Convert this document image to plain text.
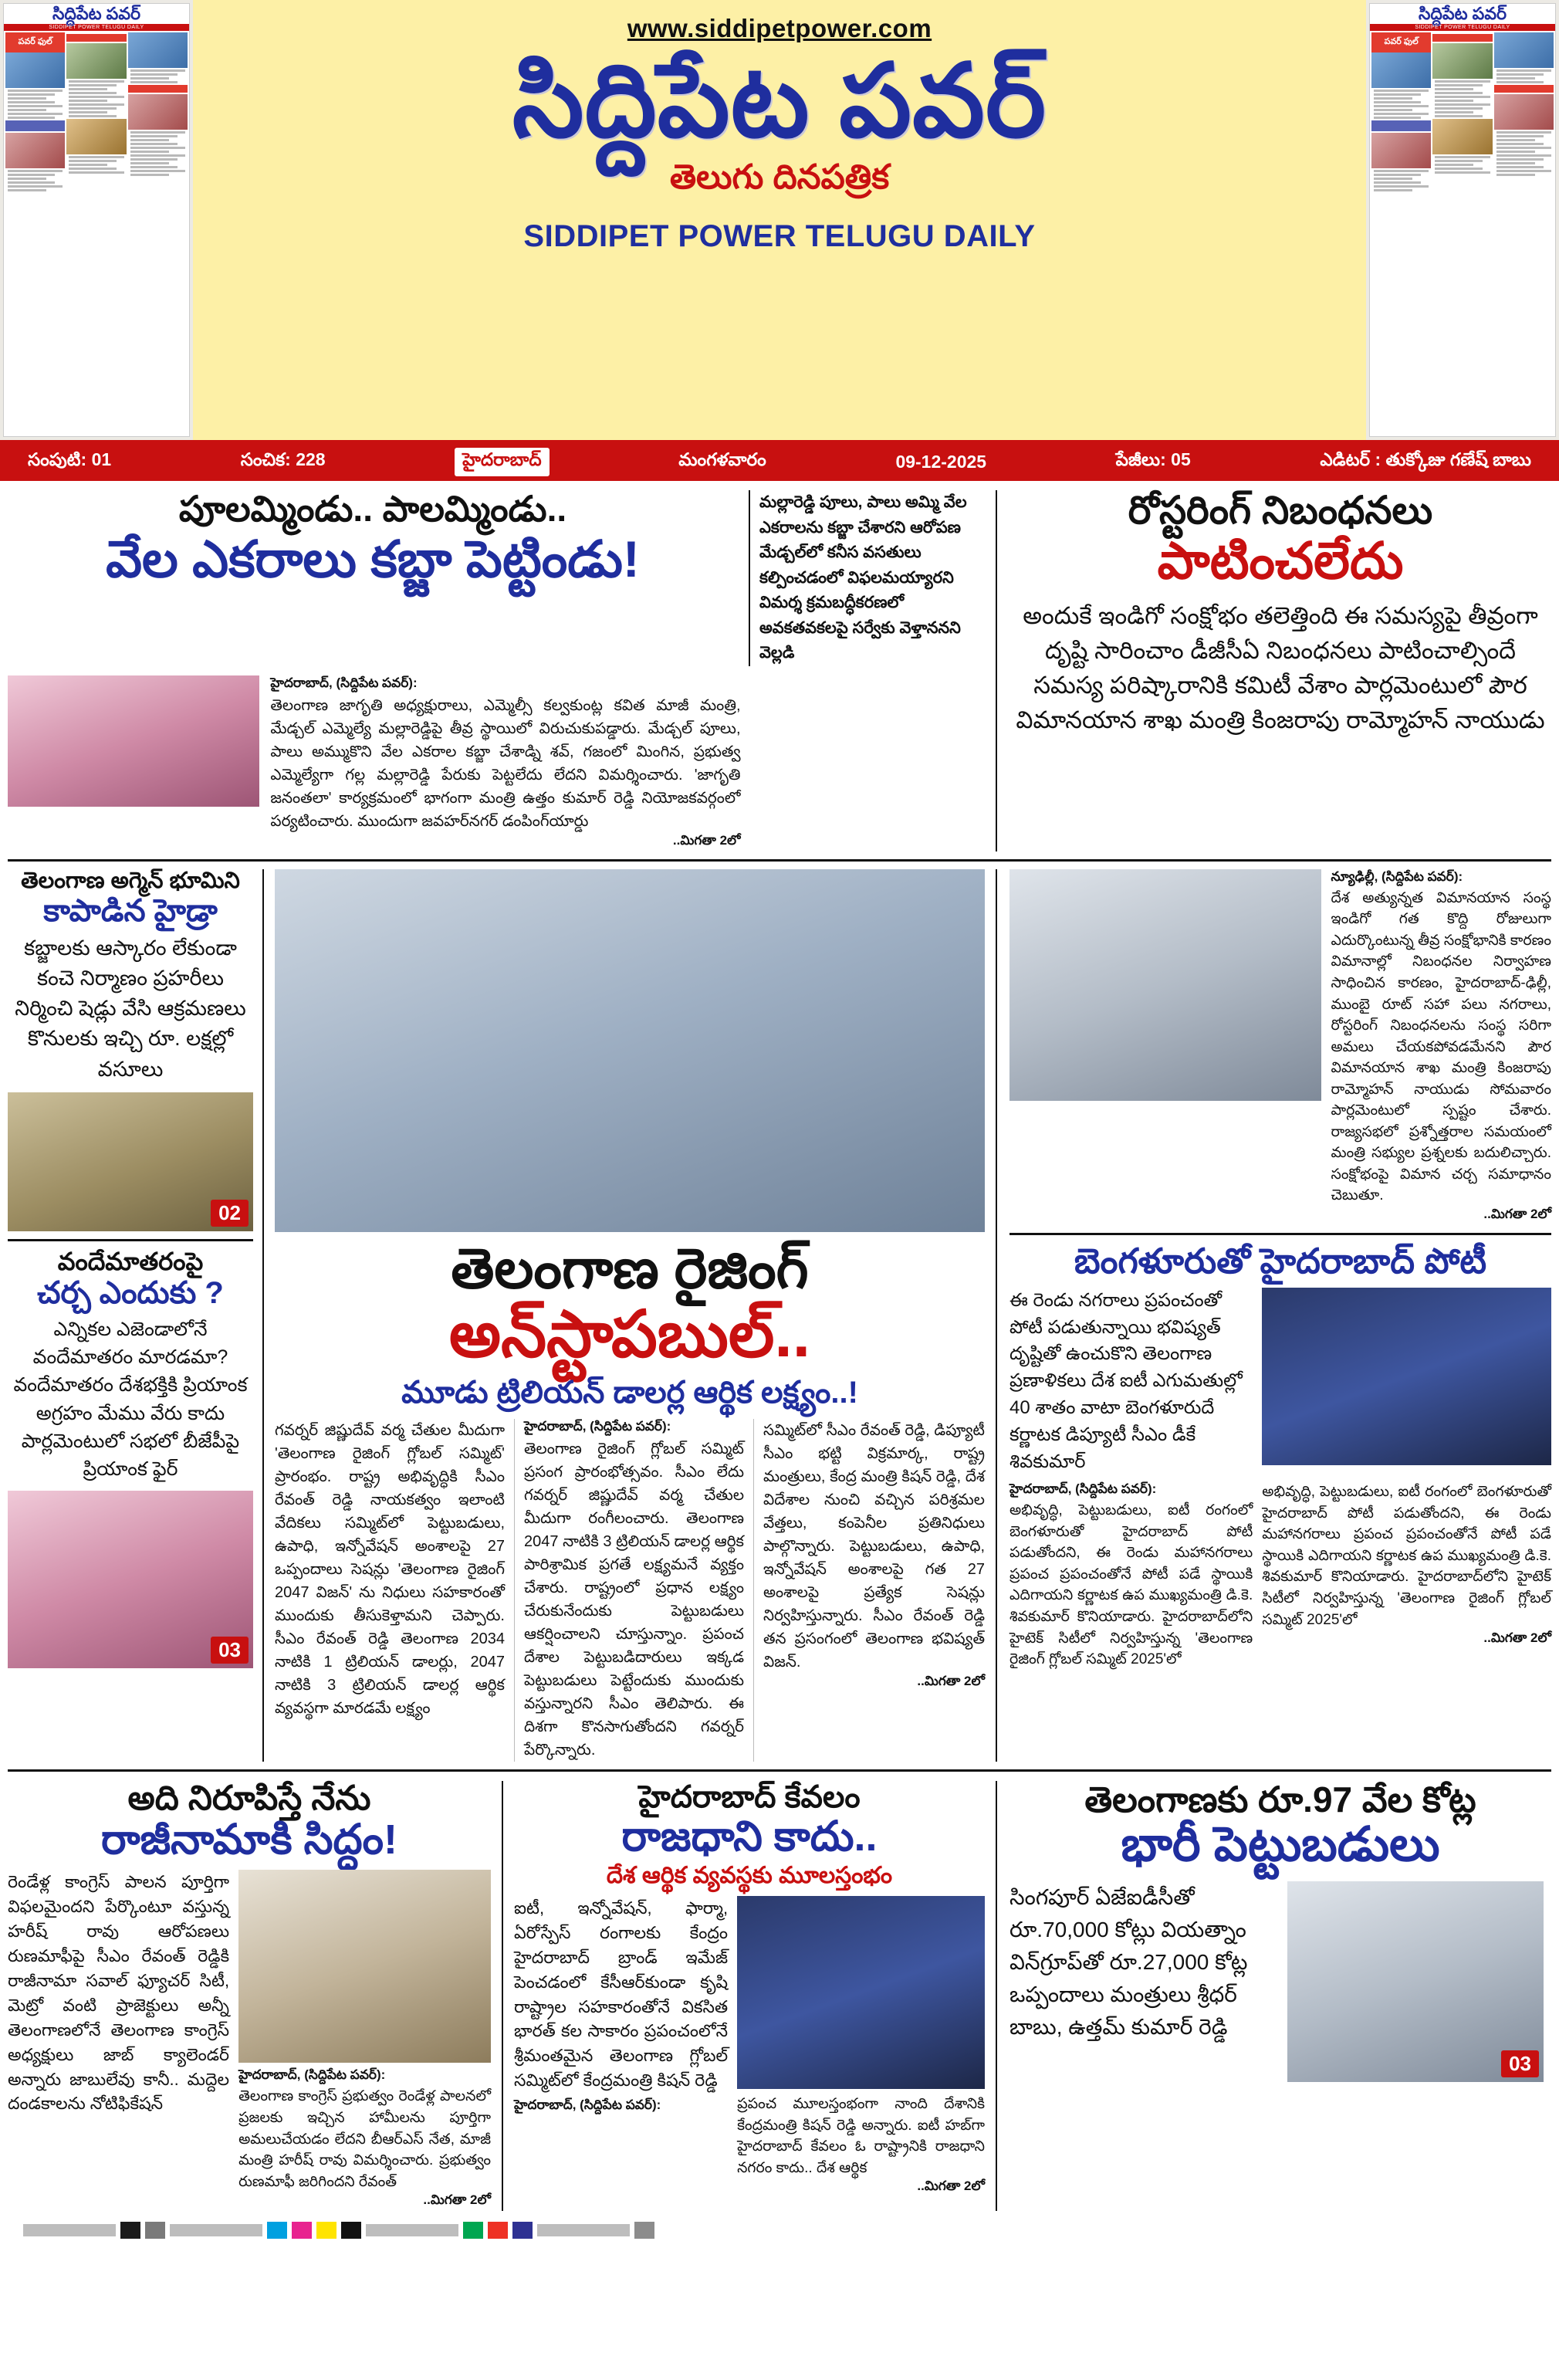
సిద్దిపేట పవర్
SIDDIPET POWER TELUGU DAILY
పవర్ ఫుల్	www.siddipetpower.com
సిద్దిపేట పవర్
తెలుగు దినపత్రిక
SIDDIPET POWER TELUGU DAILY
సిద్దిపేట పవర్
SIDDIPET POWER TELUGU DAILY
పవర్ ఫుల్
సంపుటి: 01	సంచిక: 228	హైదరాబాద్	మంగళవారం	09-12-2025	పేజీలు: 05	ఎడిటర్ : తుక్కోజు గణేష్ బాబు
పూలమ్మిండు.. పాలమ్మిండు..
వేల ఎకరాలు కబ్జా పెట్టిండు!
మల్లారెడ్డి పూలు, పాలు అమ్మి వేల ఎకరాలను కబ్జా చేశారని ఆరోపణ మేడ్చల్‌లో కనీస వసతులు కల్పించడంలో విఫలమయ్యారని విమర్శ క్రమబద్ధీకరణలో అవకతవకలపై సర్వేకు వెళ్తాననని వెల్లడి
హైదరాబాద్, (సిద్దిపేట పవర్):
తెలంగాణ జాగృతి అధ్యక్షురాలు, ఎమ్మెల్సీ కల్వకుంట్ల కవిత మాజీ మంత్రి, మేడ్చల్ ఎమ్మెల్యే మల్లారెడ్డిపై తీవ్ర స్థాయిలో విరుచుకుపడ్డారు. మేడ్చల్ పూలు, పాలు అమ్ముకొని వేల ఎకరాల కబ్జా చేశాడ్ని శవ్, గజంలో మింగిన, ప్రభుత్వ ఎమ్మెల్యేగా గల్ల మల్లారెడ్డి పేరుకు పెట్టలేదు లేదని విమర్శించారు. 'జాగృతి జనంతలా' కార్యక్రమంలో భాగంగా మంత్రి ఉత్తం కుమార్ రెడ్డి నియోజకవర్గంలో పర్యటించారు. ముందుగా జవహర్‌నగర్ డంపింగ్‌యార్డు
..మిగతా 2లో
రోస్టరింగ్ నిబంధనలు
పాటించలేదు
అందుకే ఇండిగో సంక్షోభం తలెత్తింది ఈ సమస్యపై తీవ్రంగా దృష్టి సారించాం డీజీసీఏ నిబంధనలు పాటించాల్సిందే సమస్య పరిష్కారానికి కమిటీ వేశాం పార్లమెంటులో పౌర విమానయాన శాఖ మంత్రి కింజరాపు రామ్మోహన్ నాయుడు
తెలంగాణ అగ్మెన్ భూమిని
కాపాడిన హైడ్రా
కబ్జాలకు ఆస్కారం లేకుండా కంచె నిర్మాణం ప్రహరీలు నిర్మించి షెడ్లు వేసి ఆక్రమణలు కొనులకు ఇచ్చి రూ. లక్షల్లో వసూలు
02
వందేమాతరంపై
చర్చ ఎందుకు ?
ఎన్నికల ఎజెండాలోనే వందేమాతరం మారడమా? వందేమాతరం దేశభక్తికి ప్రియాంక అగ్రహం మేము వేరు కాదు పార్లమెంటులో సభలో బీజేపీపై ప్రియాంక ఫైర్
03
తెలంగాణ రైజింగ్
అన్‌స్టాపబుల్..
మూడు ట్రిలియన్ డాలర్ల ఆర్థిక లక్ష్యం..!
గవర్నర్ జిష్ణుదేవ్ వర్మ చేతుల మీదుగా 'తెలంగాణ రైజింగ్ గ్లోబల్ సమ్మిట్' ప్రారంభం. రాష్ట్ర అభివృద్ధికి సీఎం రేవంత్ రెడ్డి నాయకత్వం ఇలాంటి వేదికలు సమ్మిట్‌లో పెట్టుబడులు, ఉపాధి, ఇన్నోవేషన్ అంశాలపై 27 ఒప్పందాలు సెషన్లు 'తెలంగాణ రైజింగ్ 2047 విజన్' ను నిధులు సహకారంతో ముందుకు తీసుకెళ్తామని చెప్పారు. సీఎం రేవంత్ రెడ్డి తెలంగాణ 2034 నాటికి 1 ట్రిలియన్ డాలర్లు, 2047 నాటికి 3 ట్రిలియన్ డాలర్ల ఆర్థిక వ్యవస్థగా మారడమే లక్ష్యం
హైదరాబాద్, (సిద్దిపేట పవర్):
తెలంగాణ రైజింగ్ గ్లోబల్ సమ్మిట్ ప్రసంగ ప్రారంభోత్సవం. సీఎం లేదు గవర్నర్ జిష్ణుదేవ్ వర్మ చేతుల మీదుగా రంగీలంచారు. తెలంగాణ 2047 నాటికి 3 ట్రిలియన్ డాలర్ల ఆర్థిక పారిశ్రామిక ప్రగతే లక్ష్యమనే వ్యక్తం చేశారు. రాష్ట్రంలో ప్రధాన లక్ష్యం చేరుకునేందుకు పెట్టుబడులు ఆకర్షించాలని చూస్తున్నాం. ప్రపంచ దేశాల పెట్టుబడిదారులు ఇక్కడ పెట్టుబడులు పెట్టేందుకు ముందుకు వస్తున్నారని సీఎం తెలిపారు. ఈ దిశగా కొనసాగుతోందని గవర్నర్ పేర్కొన్నారు.
సమ్మిట్‌లో సీఎం రేవంత్ రెడ్డి, డిప్యూటీ సీఎం భట్టి విక్రమార్క, రాష్ట్ర మంత్రులు, కేంద్ర మంత్రి కిషన్ రెడ్డి, దేశ విదేశాల నుంచి వచ్చిన పరిశ్రమల వేత్తలు, కంపెనీల ప్రతినిధులు పాల్గొన్నారు. పెట్టుబడులు, ఉపాధి, ఇన్నోవేషన్ అంశాలపై గత 27 అంశాలపై ప్రత్యేక సెషన్లు నిర్వహిస్తున్నారు. సీఎం రేవంత్ రెడ్డి తన ప్రసంగంలో తెలంగాణ భవిష్యత్ విజన్.
..మిగతా 2లో
న్యూఢిల్లీ, (సిద్దిపేట పవర్):
దేశ అత్యున్నత విమానయాన సంస్థ ఇండిగో గత కొద్ది రోజులుగా ఎదుర్కొంటున్న తీవ్ర సంక్షోభానికి కారణం విమానాల్లో నిబంధనల నిర్వాహణ సాధించిన కారణం, హైదరాబాద్-ఢిల్లీ, ముంబై రూట్ సహా పలు నగరాలు, రోస్టరింగ్ నిబంధనలను సంస్థ సరిగా అమలు చేయకపోవడమేనని పౌర విమానయాన శాఖ మంత్రి కింజరాపు రామ్మోహన్ నాయుడు సోమవారం పార్లమెంటులో స్పష్టం చేశారు. రాజ్యసభలో ప్రశ్నోత్తరాల సమయంలో మంత్రి సభ్యుల ప్రశ్నలకు బదులిచ్చారు. సంక్షోభంపై విమాన చర్చ సమాధానం చెబుతూ.
..మిగతా 2లో
బెంగళూరుతో హైదరాబాద్ పోటీ
ఈ రెండు నగరాలు ప్రపంచంతో పోటీ పడుతున్నాయి భవిష్యత్ దృష్టితో ఉంచుకొని తెలంగాణ ప్రణాళికలు దేశ ఐటీ ఎగుమతుల్లో 40 శాతం వాటా బెంగళూరుదే కర్ణాటక డిప్యూటీ సీఎం డీకే శివకుమార్
హైదరాబాద్, (సిద్దిపేట పవర్):
అభివృద్ధి, పెట్టుబడులు, ఐటీ రంగంలో బెంగళూరుతో హైదరాబాద్ పోటీ పడుతోందని, ఈ రెండు మహానగరాలు ప్రపంచ ప్రపంచంతోనే పోటీ పడే స్థాయికి ఎదిగాయని కర్ణాటక ఉప ముఖ్యమంత్రి డి.కె. శివకుమార్ కొనియాడారు. హైదరాబాద్‌లోని హైటెక్ సిటీలో నిర్వహిస్తున్న 'తెలంగాణ రైజింగ్ గ్లోబల్ సమ్మిట్ 2025'లో
అభివృద్ధి, పెట్టుబడులు, ఐటీ రంగంలో బెంగళూరుతో హైదరాబాద్ పోటీ పడుతోందని, ఈ రెండు మహానగరాలు ప్రపంచ ప్రపంచంతోనే పోటీ పడే స్థాయికి ఎదిగాయని కర్ణాటక ఉప ముఖ్యమంత్రి డి.కె. శివకుమార్ కొనియాడారు. హైదరాబాద్‌లోని హైటెక్ సిటీలో నిర్వహిస్తున్న 'తెలంగాణ రైజింగ్ గ్లోబల్ సమ్మిట్ 2025'లో
..మిగతా 2లో
అది నిరూపిస్తే నేను
రాజీనామాకి సిద్ధం!
రెండేళ్ల కాంగ్రెస్ పాలన పూర్తిగా విఫలమైందని పేర్కొంటూ వస్తున్న హరీష్ రావు ఆరోపణలు రుణమాఫీపై సీఎం రేవంత్ రెడ్డికి రాజీనామా సవాల్ ఫ్యూచర్ సిటీ, మెట్రో వంటి ప్రాజెక్టులు అన్నీ తెలంగాణలోనే తెలంగాణ కాంగ్రెస్ అధ్యక్షులు జాబ్ క్యాలెండర్ అన్నారు జాబులేవు కానీ.. మద్దెల దండకాలను నోటిఫికేషన్
హైదరాబాద్, (సిద్దిపేట పవర్):
తెలంగాణ కాంగ్రెస్ ప్రభుత్వం రెండేళ్ల పాలనలో ప్రజలకు ఇచ్చిన హామీలను పూర్తిగా అమలుచేయడం లేదని బీఆర్ఎస్ నేత, మాజీ మంత్రి హరీష్ రావు విమర్శించారు. ప్రభుత్వం రుణమాఫీ జరిగిందని రేవంత్
..మిగతా 2లో
హైదరాబాద్ కేవలం
రాజధాని కాదు..
దేశ ఆర్థిక వ్యవస్థకు మూలస్తంభం
ఐటీ, ఇన్నోవేషన్, ఫార్మా, ఏరోస్పేస్ రంగాలకు కేంద్రం హైదరాబాద్ బ్రాండ్ ఇమేజ్ పెంచడంలో కేసీఆర్‌కుండా కృషి రాష్ట్రాల సహకారంతోనే వికసిత భారత్ కల సాకారం ప్రపంచంలోనే శ్రీమంతమైన తెలంగాణ గ్లోబల్ సమ్మిట్‌లో కేంద్రమంత్రి కిషన్ రెడ్డి
హైదరాబాద్, (సిద్దిపేట పవర్):	ప్రపంచ మూలస్తంభంగా నాంది దేశానికి కేంద్రమంత్రి కిషన్ రెడ్డి అన్నారు. ఐటీ హబ్‌గా హైదరాబాద్ కేవలం ఓ రాష్ట్రానికి రాజధాని నగరం కాదు.. దేశ ఆర్థిక
..మిగతా 2లో
తెలంగాణకు రూ.97 వేల కోట్ల
భారీ పెట్టుబడులు
సింగపూర్ ఏజేఐడీసీతో రూ.70,000 కోట్లు వియత్నాం విన్‌గ్రూప్‌తో రూ.27,000 కోట్ల ఒప్పందాలు మంత్రులు శ్రీధర్ బాబు, ఉత్తమ్ కుమార్ రెడ్డి
03
